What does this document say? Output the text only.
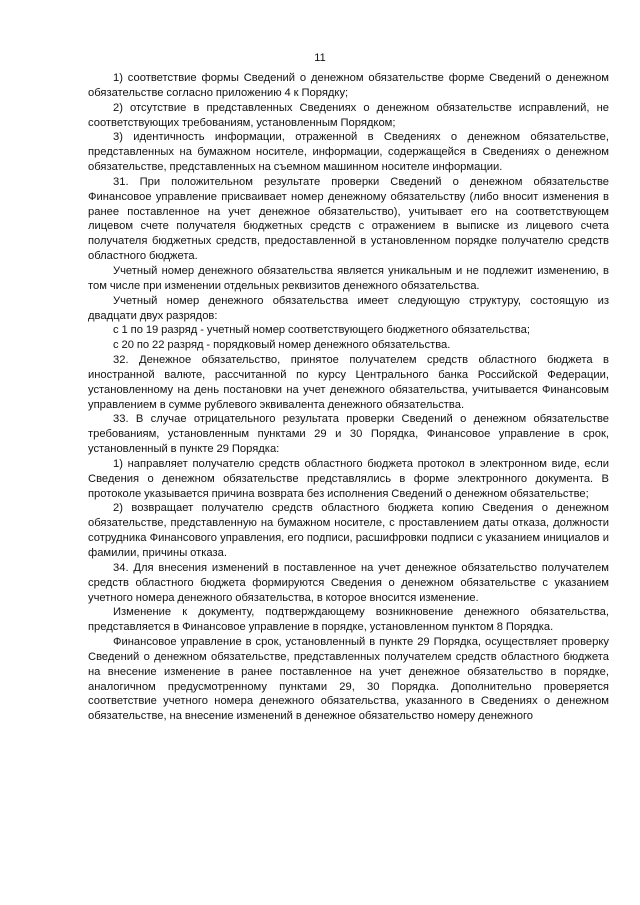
11

1) соответствие формы Сведений о денежном обязательстве форме Сведений о денежном обязательстве согласно приложению 4 к Порядку;

2) отсутствие в представленных Сведениях о денежном обязательстве исправлений, не соответствующих требованиям, установленным Порядком;

3) идентичность информации, отраженной в Сведениях о денежном обязательстве, представленных на бумажном носителе, информации, содержащейся в Сведениях о денежном обязательстве, представленных на съемном машинном носителе информации.

31. При положительном результате проверки Сведений о денежном обязательстве Финансовое управление присваивает номер денежному обязательству (либо вносит изменения в ранее поставленное на учет денежное обязательство), учитывает его на соответствующем лицевом счете получателя бюджетных средств с отражением в выписке из лицевого счета получателя бюджетных средств, предоставленной в установленном порядке получателю средств областного бюджета.

Учетный номер денежного обязательства является уникальным и не подлежит изменению, в том числе при изменении отдельных реквизитов денежного обязательства.

Учетный номер денежного обязательства имеет следующую структуру, состоящую из двадцати двух разрядов:

с 1 по 19 разряд - учетный номер соответствующего бюджетного обязательства;

с 20 по 22 разряд - порядковый номер денежного обязательства.

32. Денежное обязательство, принятое получателем средств областного бюджета в иностранной валюте, рассчитанной по курсу Центрального банка Российской Федерации, установленному на день постановки на учет денежного обязательства, учитывается Финансовым управлением в сумме рублевого эквивалента денежного обязательства.

33. В случае отрицательного результата проверки Сведений о денежном обязательстве требованиям, установленным пунктами 29 и 30 Порядка, Финансовое управление в срок, установленный в пункте 29 Порядка:

1) направляет получателю средств областного бюджета протокол в электронном виде, если Сведения о денежном обязательстве представлялись в форме электронного документа. В протоколе указывается причина возврата без исполнения Сведений о денежном обязательстве;

2) возвращает получателю средств областного бюджета копию Сведения о денежном обязательстве, представленную на бумажном носителе, с проставлением даты отказа, должности сотрудника Финансового управления, его подписи, расшифровки подписи с указанием инициалов и фамилии, причины отказа.

34. Для внесения изменений в поставленное на учет денежное обязательство получателем средств областного бюджета формируются Сведения о денежном обязательстве с указанием учетного номера денежного обязательства, в которое вносится изменение.

Изменение к документу, подтверждающему возникновение денежного обязательства, представляется в Финансовое управление в порядке, установленном пунктом 8 Порядка.

Финансовое управление в срок, установленный в пункте 29 Порядка, осуществляет проверку Сведений о денежном обязательстве, представленных получателем средств областного бюджета на внесение изменение в ранее поставленное на учет денежное обязательство в порядке, аналогичном предусмотренному пунктами 29, 30 Порядка. Дополнительно проверяется соответствие учетного номера денежного обязательства, указанного в Сведениях о денежном обязательстве, на внесение изменений в денежное обязательство номеру денежного
